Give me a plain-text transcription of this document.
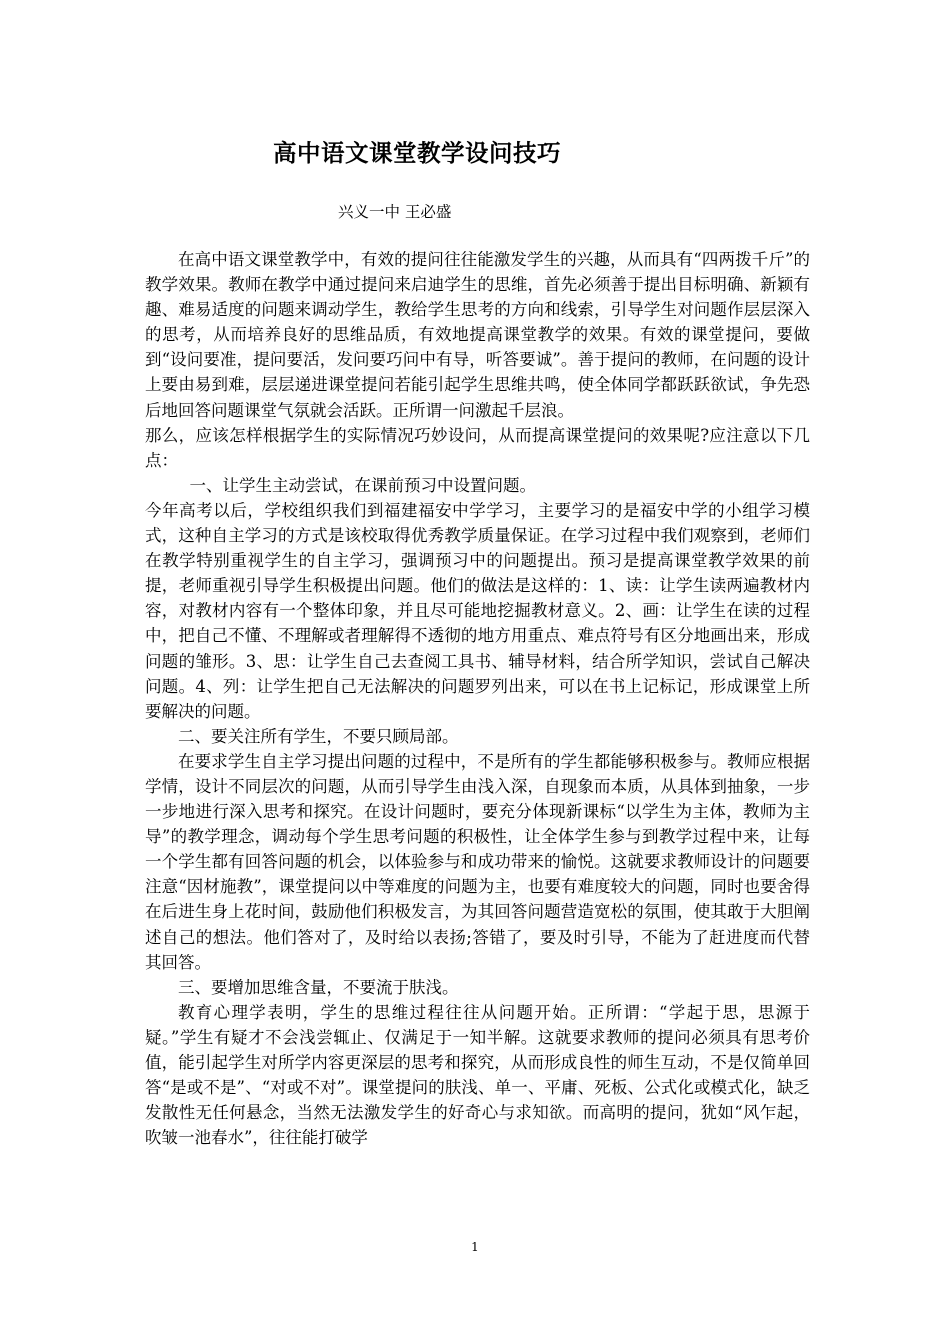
高中语文课堂教学设问技巧
兴义一中 王必盛

在高中语文课堂教学中，有效的提问往往能激发学生的兴趣，从而具有“四两拨千斤”的教学效果。教师在教学中通过提问来启迪学生的思维，首先必须善于提出目标明确、新颖有趣、难易适度的问题来调动学生，教给学生思考的方向和线索，引导学生对问题作层层深入的思考，从而培养良好的思维品质，有效地提高课堂教学的效果。有效的课堂提问，要做到“设问要准，提问要活，发问要巧问中有导，听答要诚”。善于提问的教师，在问题的设计上要由易到难，层层递进课堂提问若能引起学生思维共鸣，使全体同学都跃跃欲试，争先恐后地回答问题课堂气氛就会活跃。正所谓一问激起千层浪。

那么，应该怎样根据学生的实际情况巧妙设问，从而提高课堂提问的效果呢?应注意以下几点：

一、让学生主动尝试，在课前预习中设置问题。

今年高考以后，学校组织我们到福建福安中学学习，主要学习的是福安中学的小组学习模式，这种自主学习的方式是该校取得优秀教学质量保证。在学习过程中我们观察到，老师们在教学特别重视学生的自主学习，强调预习中的问题提出。预习是提高课堂教学效果的前提，老师重视引导学生积极提出问题。他们的做法是这样的：1、读：让学生读两遍教材内容，对教材内容有一个整体印象，并且尽可能地挖掘教材意义。2、画：让学生在读的过程中，把自己不懂、不理解或者理解得不透彻的地方用重点、难点符号有区分地画出来，形成问题的雏形。3、思：让学生自己去查阅工具书、辅导材料，结合所学知识，尝试自己解决问题。4、列：让学生把自己无法解决的问题罗列出来，可以在书上记标记，形成课堂上所要解决的问题。

二、要关注所有学生，不要只顾局部。

在要求学生自主学习提出问题的过程中，不是所有的学生都能够积极参与。教师应根据学情，设计不同层次的问题，从而引导学生由浅入深，自现象而本质，从具体到抽象，一步一步地进行深入思考和探究。在设计问题时，要充分体现新课标“以学生为主体，教师为主导”的教学理念，调动每个学生思考问题的积极性，让全体学生参与到教学过程中来，让每一个学生都有回答问题的机会，以体验参与和成功带来的愉悦。这就要求教师设计的问题要注意“因材施教”，课堂提问以中等难度的问题为主，也要有难度较大的问题，同时也要舍得在后进生身上花时间，鼓励他们积极发言，为其回答问题营造宽松的氛围，使其敢于大胆阐述自己的想法。他们答对了，及时给以表扬;答错了，要及时引导，不能为了赶进度而代替其回答。

三、要增加思维含量，不要流于肤浅。

教育心理学表明，学生的思维过程往往从问题开始。正所谓：“学起于思，思源于疑。”学生有疑才不会浅尝辄止、仅满足于一知半解。这就要求教师的提问必须具有思考价值，能引起学生对所学内容更深层的思考和探究，从而形成良性的师生互动，不是仅简单回答“是或不是”、“对或不对”。课堂提问的肤浅、单一、平庸、死板、公式化或模式化，缺乏发散性无任何悬念，当然无法激发学生的好奇心与求知欲。而高明的提问，犹如“风乍起，吹皱一池春水”，往往能打破学

1
